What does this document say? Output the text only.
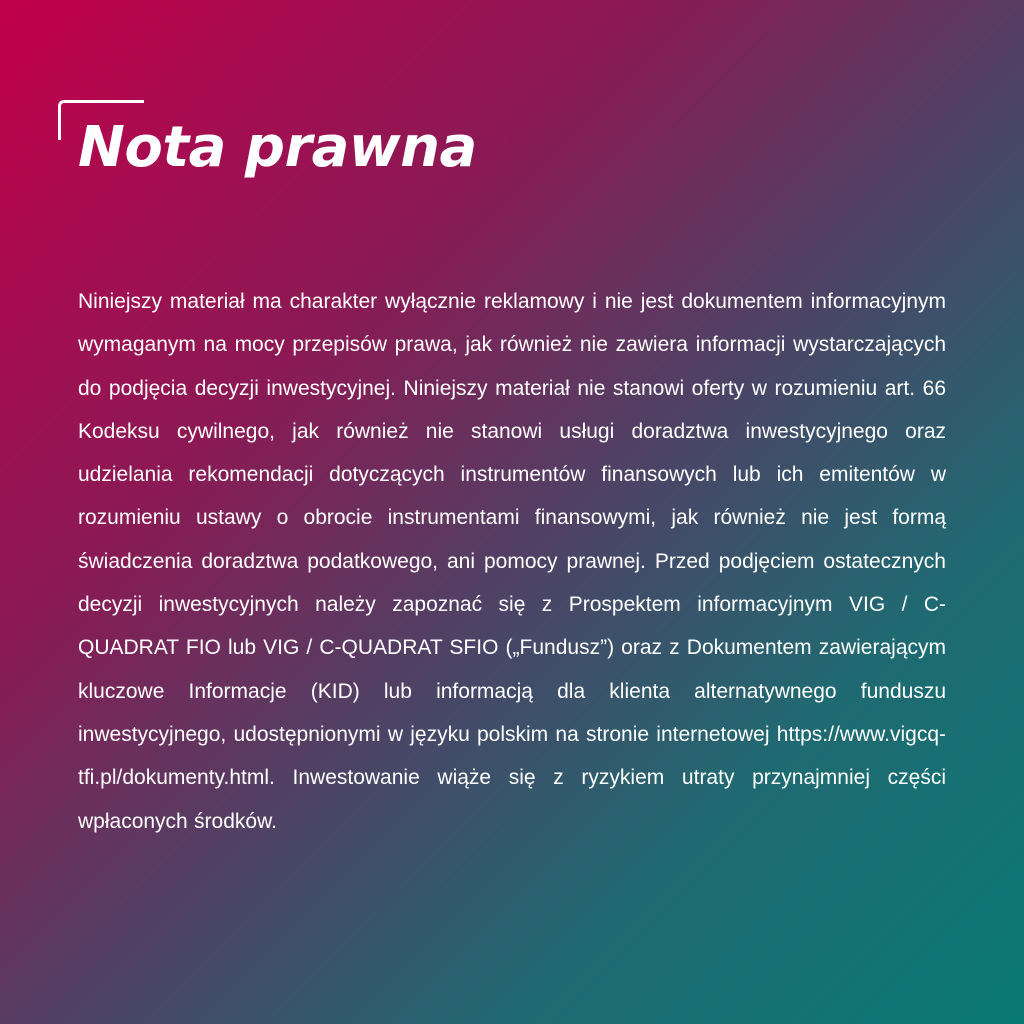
Nota prawna

Niniejszy materiał ma charakter wyłącznie reklamowy i nie jest dokumentem informacyjnym wymaganym na mocy przepisów prawa, jak również nie zawiera informacji wystarczających do podjęcia decyzji inwestycyjnej. Niniejszy materiał nie stanowi oferty w rozumieniu art. 66 Kodeksu cywilnego, jak również nie stanowi usługi doradztwa inwestycyjnego oraz udzielania rekomendacji dotyczących instrumentów finansowych lub ich emitentów w rozumieniu ustawy o obrocie instrumentami finansowymi, jak również nie jest formą świadczenia doradztwa podatkowego, ani pomocy prawnej. Przed podjęciem ostatecznych decyzji inwestycyjnych należy zapoznać się z Prospektem informacyjnym VIG / C-QUADRAT FIO lub VIG / C-QUADRAT SFIO („Fundusz”) oraz z Dokumentem zawierającym kluczowe Informacje (KID) lub informacją dla klienta alternatywnego funduszu inwestycyjnego, udostępnionymi w języku polskim na stronie internetowej https://www.vigcq-tfi.pl/dokumenty.html. Inwestowanie wiąże się z ryzykiem utraty przynajmniej części wpłaconych środków.
